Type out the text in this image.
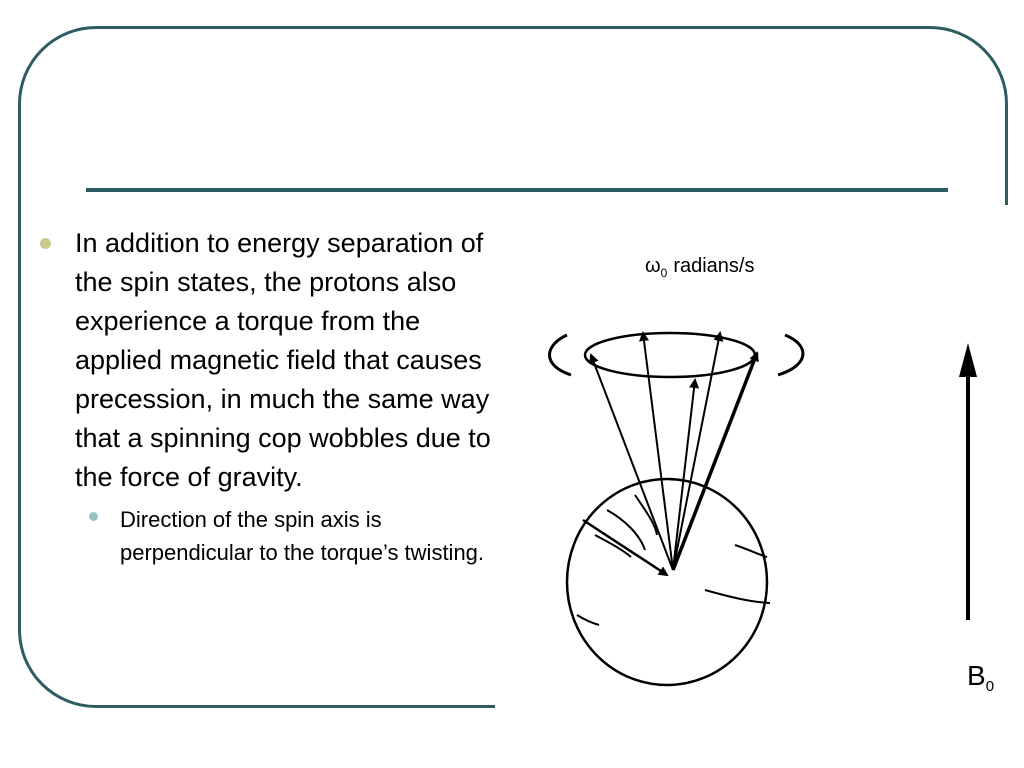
In addition to energy separation of the spin states, the protons also experience a torque from the applied magnetic field that causes precession, in much the same way that a spinning cop wobbles due to the force of gravity.
Direction of the spin axis is perpendicular to the torque’s twisting.
$\omega_0$ radians/s
$B_0$
